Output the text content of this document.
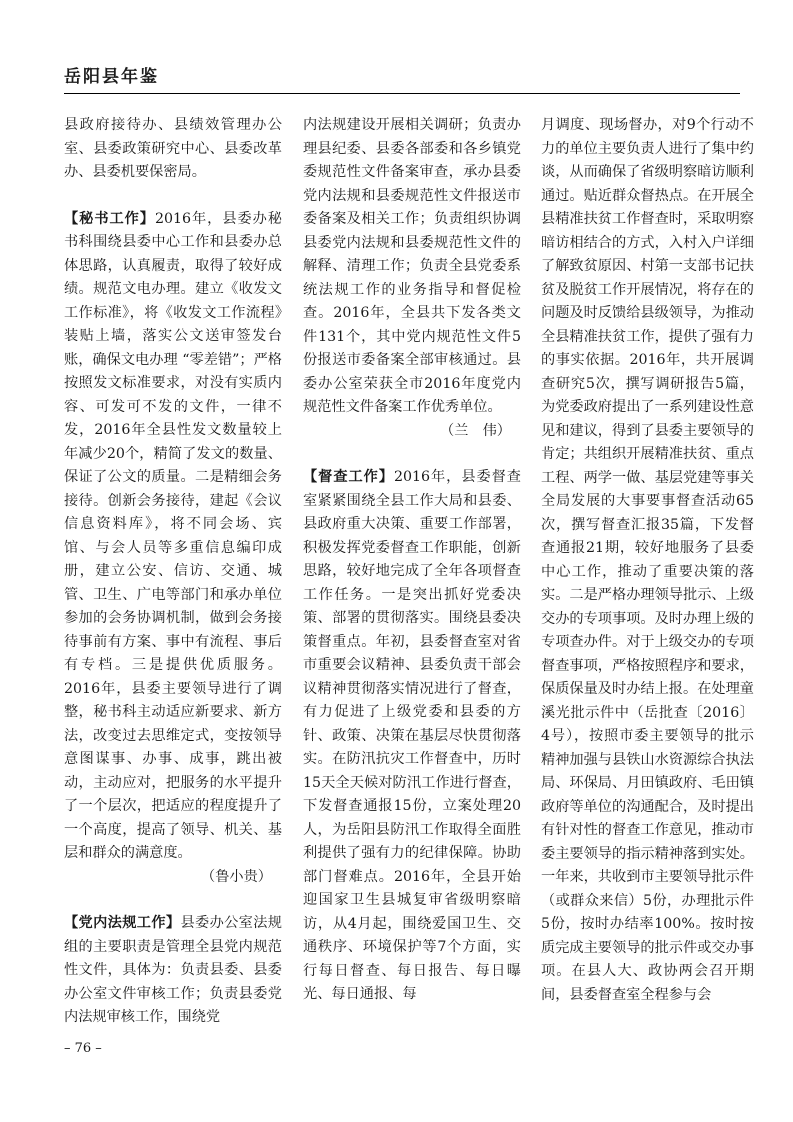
岳阳县年鉴

县政府接待办、县绩效管理办公室、县委政策研究中心、县委改革办、县委机要保密局。

【秘书工作】2016年，县委办秘书科围绕县委中心工作和县委办总体思路，认真履责，取得了较好成绩。规范文电办理。建立《收发文工作标准》，将《收发文工作流程》装贴上墙，落实公文送审签发台账，确保文电办理 “零差错”；严格按照发文标准要求，对没有实质内容、可发可不发的文件，一律不发，2016年全县性发文数量较上年减少20个，精简了发文的数量、保证了公文的质量。二是精细会务接待。创新会务接待，建起《会议信息资料库》，将不同会场、宾馆、与会人员等多重信息编印成册，建立公安、信访、交通、城管、卫生、广电等部门和承办单位参加的会务协调机制，做到会务接待事前有方案、事中有流程、事后有专档。三是提供优质服务。2016年，县委主要领导进行了调整，秘书科主动适应新要求、新方法，改变过去思维定式，变按领导意图谋事、办事、成事，跳出被动，主动应对，把服务的水平提升了一个层次，把适应的程度提升了一个高度，提高了领导、机关、基层和群众的满意度。

（鲁小贵）

【党内法规工作】县委办公室法规组的主要职责是管理全县党内规范性文件，具体为：负责县委、县委办公室文件审核工作；负责县委党内法规审核工作，围绕党

内法规建设开展相关调研；负责办理县纪委、县委各部委和各乡镇党委规范性文件备案审查，承办县委党内法规和县委规范性文件报送市委备案及相关工作；负责组织协调县委党内法规和县委规范性文件的解释、清理工作；负责全县党委系统法规工作的业务指导和督促检查。2016年，全县共下发各类文件131个，其中党内规范性文件5份报送市委备案全部审核通过。县委办公室荣获全市2016年度党内规范性文件备案工作优秀单位。

（兰　伟）

【督查工作】2016年，县委督查室紧紧围绕全县工作大局和县委、县政府重大决策、重要工作部署，积极发挥党委督查工作职能，创新思路，较好地完成了全年各项督查工作任务。一是突出抓好党委决策、部署的贯彻落实。围绕县委决策督重点。年初，县委督查室对省市重要会议精神、县委负责干部会议精神贯彻落实情况进行了督查，有力促进了上级党委和县委的方针、政策、决策在基层尽快贯彻落实。在防汛抗灾工作督查中，历时15天全天候对防汛工作进行督查，下发督查通报15份，立案处理20人，为岳阳县防汛工作取得全面胜利提供了强有力的纪律保障。协助部门督难点。2016年，全县开始迎国家卫生县城复审省级明察暗访，从4月起，围绕爱国卫生、交通秩序、环境保护等7个方面，实行每日督查、每日报告、每日曝光、每日通报、每

月调度、现场督办，对9个行动不力的单位主要负责人进行了集中约谈，从而确保了省级明察暗访顺利通过。贴近群众督热点。在开展全县精准扶贫工作督查时，采取明察暗访相结合的方式，入村入户详细了解致贫原因、村第一支部书记扶贫及脱贫工作开展情况，将存在的问题及时反馈给县级领导，为推动全县精准扶贫工作，提供了强有力的事实依据。2016年，共开展调查研究5次，撰写调研报告5篇，为党委政府提出了一系列建设性意见和建议，得到了县委主要领导的肯定；共组织开展精准扶贫、重点工程、两学一做、基层党建等事关全局发展的大事要事督查活动65次，撰写督查汇报35篇，下发督查通报21期，较好地服务了县委中心工作，推动了重要决策的落实。二是严格办理领导批示、上级交办的专项事项。及时办理上级的专项查办件。对于上级交办的专项督查事项，严格按照程序和要求，保质保量及时办结上报。在处理童溪光批示件中（岳批查〔2016〕4号），按照市委主要领导的批示精神加强与县铁山水资源综合执法局、环保局、月田镇政府、毛田镇政府等单位的沟通配合，及时提出有针对性的督查工作意见，推动市委主要领导的指示精神落到实处。一年来，共收到市主要领导批示件（或群众来信）5份，办理批示件5份，按时办结率100%。按时按质完成主要领导的批示件或交办事项。在县人大、政协两会召开期间，县委督查室全程参与会

– 76 –
